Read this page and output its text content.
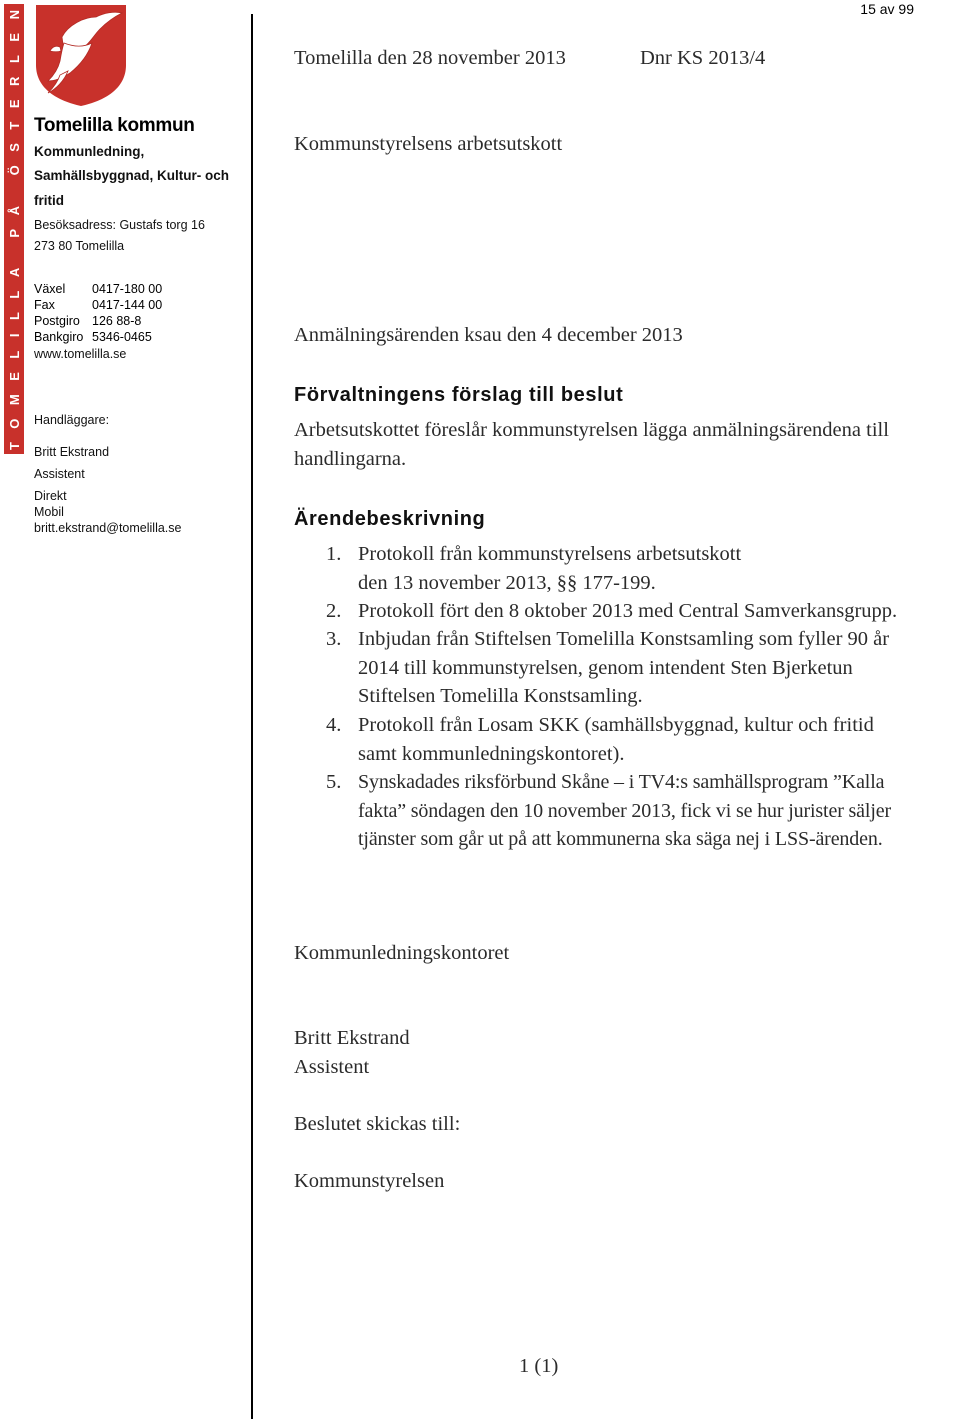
15 av 99
TOMELILLA PÅ ÖSTERLEN
Tomelilla kommun
Kommunledning,
Samhällsbyggnad, Kultur- och
fritid
Besöksadress: Gustafs torg 16
273 80 Tomelilla
Växel 0417-180 00
Fax	0417-144 00
Postgiro 126 88-8
Bankgiro 5346-0465
www.tomelilla.se
Handläggare:
Britt Ekstrand
Assistent
Direkt
Mobil
britt.ekstrand@tomelilla.se
Tomelilla den 28 november 2013	Dnr KS 2013/4
Kommunstyrelsens arbetsutskott
Anmälningsärenden ksau den 4 december 2013
Förvaltningens förslag till beslut
Arbetsutskottet föreslår kommunstyrelsen lägga anmälningsärendena till
handlingarna.
Ärendebeskrivning
1. Protokoll från kommunstyrelsens arbetsutskott
den 13 november 2013, §§ 177-199.
2. Protokoll fört den 8 oktober 2013 med Central Samverkansgrupp.
3. Inbjudan från Stiftelsen Tomelilla Konstsamling som fyller 90 år
2014 till kommunstyrelsen, genom intendent Sten Bjerketun
Stiftelsen Tomelilla Konstsamling.
4. Protokoll från Losam SKK (samhällsbyggnad, kultur och fritid
samt kommunledningskontoret).
5. Synskadades riksförbund Skåne – i TV4:s samhällsprogram ”Kalla
fakta” söndagen den 10 november 2013, fick vi se hur jurister säljer
tjänster som går ut på att kommunerna ska säga nej i LSS-ärenden.
Kommunledningskontoret
Britt Ekstrand
Assistent
Beslutet skickas till:
Kommunstyrelsen
1 (1)
